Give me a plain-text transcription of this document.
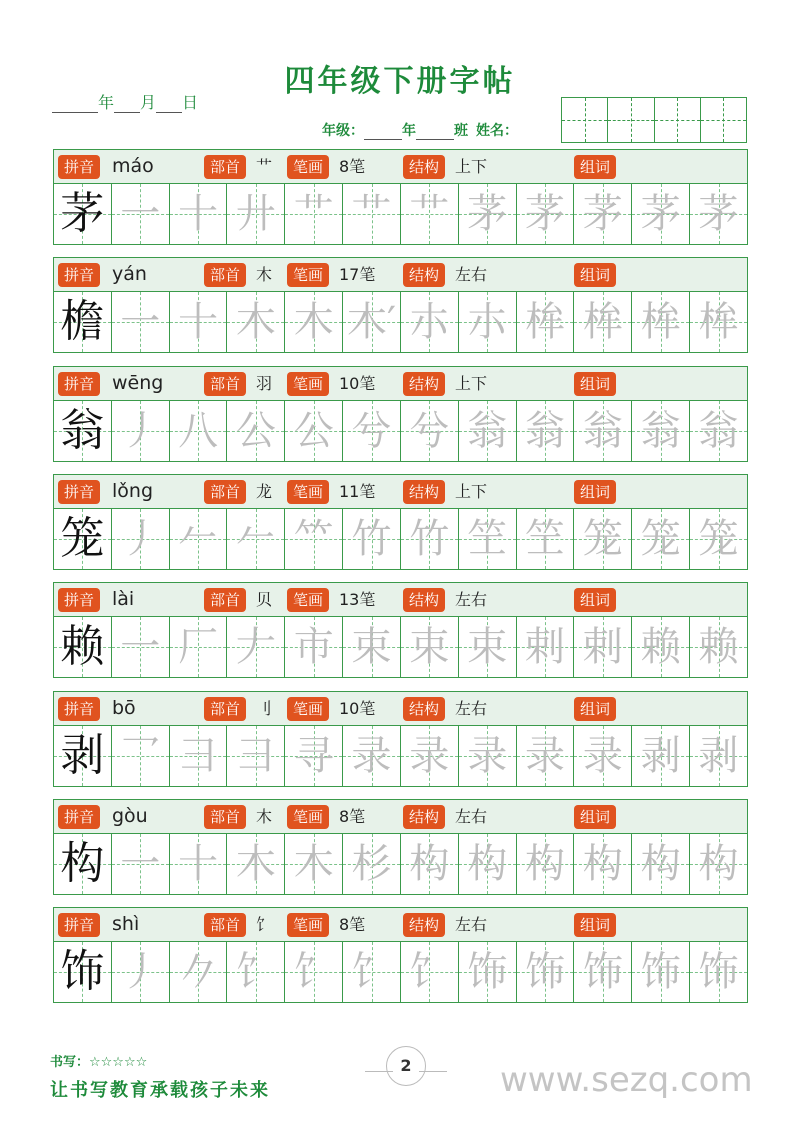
四年级下册字帖
年 月 日
年级：	年	班 姓名：
拼音 máo	部首 艹	笔画 8笔	结构 上下	组词
茅 一 十 廾 艹 艹 艹 茅 茅 茅 茅 茅
拼音 yán	部首 木	笔画 17笔	结构 左右	组词
檐 一 十 木 木 木′ 朩 朩 桙 桙 桙 桙
拼音 wēng	部首 羽	笔画 10笔	结构 上下	组词
翁 丿 八 公 公 兮 兮 翁 翁 翁 翁 翁
拼音 lǒng	部首 龙	笔画 11笔	结构 上下	组词
笼 丿 𠂉 𠂉 𥫗 竹 竹 笁 笁 笼 笼 笼
拼音 lài	部首 贝	笔画 13笔	结构 左右	组词
赖 一 厂 𠂇 市 束 束 束 剌 剌 赖 赖
拼音 bō	部首 刂	笔画 10笔	结构 左右	组词
剥 乛 彐 彐 寻 录 录 录 录 录 剥 剥
拼音 gòu	部首 木	笔画 8笔	结构 左右	组词
构 一 十 木 木 杉 构 构 构 构 构 构
拼音 shì	部首 饣	笔画 8笔	结构 左右	组词
饰 丿 𠂊 饣 饣 饣 饣 饰 饰 饰 饰 饰
书写：☆☆☆☆☆
让书写教育承载孩子未来
2	www.sezq.com
